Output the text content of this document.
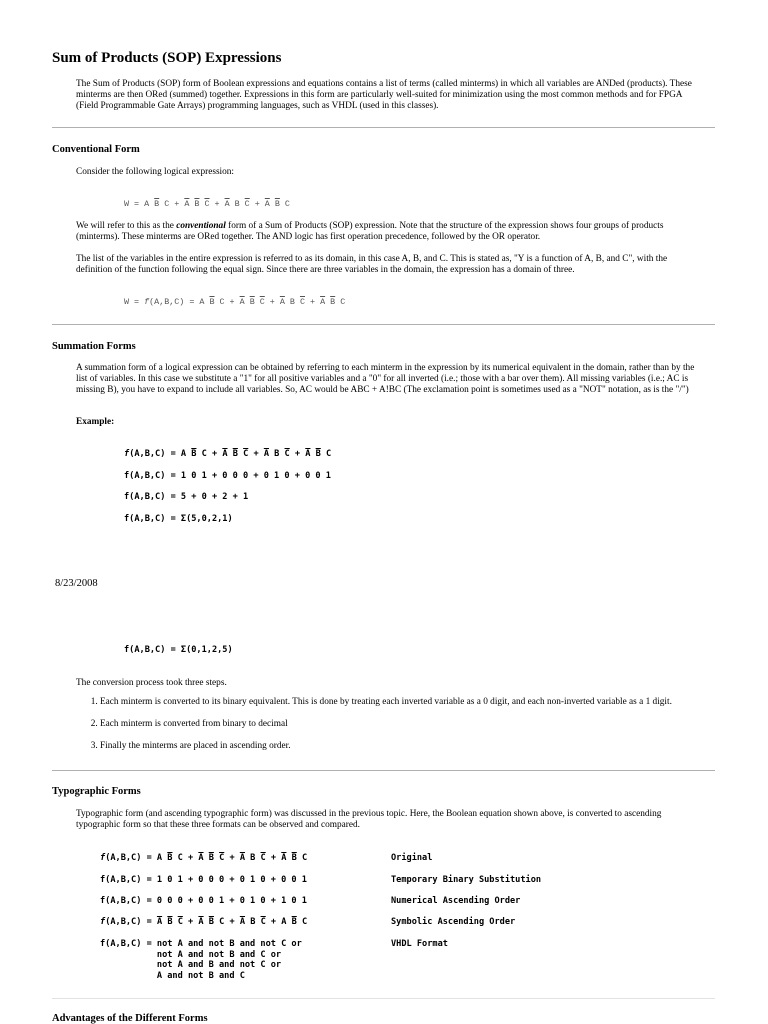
Sum of Products (SOP) Expressions

The Sum of Products (SOP) form of Boolean expressions and equations contains a list of terms (called minterms) in which all variables are ANDed (products). These minterms are then ORed (summed) together. Expressions in this form are particularly well-suited for minimization using the most common methods and for FPGA (Field Programmable Gate Arrays) programming languages, such as VHDL (used in this classes).

Conventional Form

Consider the following logical expression:

W = A $\overline{B}$ $C + \overline{A}$ $\overline{B}$ $\overline{C} + \overline{A}$ B $\overline{C} + \overline{A}$ $\overline{B}$ C

We will refer to this as the conventional form of a Sum of Products (SOP) expression. Note that the structure of the expression shows four groups of products (minterms). These minterms are ORed together. The AND logic has first operation precedence, followed by the OR operator.

The list of the variables in the entire expression is referred to as its domain, in this case A, B, and C. This is stated as, "Y is a function of A, B, and C", with the definition of the function following the equal sign. Since there are three variables in the domain, the expression has a domain of three.

W = f(A,B,C) = A $\overline{B}$ $C + \overline{A}$ $\overline{B}$ $\overline{C} + \overline{A}$ B $\overline{C} + \overline{A}$ $\overline{B}$ C
Summation Forms

A summation form of a logical expression can be obtained by referring to each minterm in the expression by its numerical equivalent in the domain, rather than by the list of variables. In this case we substitute a "1" for all positive variables and a "0" for all inverted (i.e.; those with a bar over them). All missing variables (i.e.; AC is missing B), you have to expand to include all variables. So, AC would be ABC + A!BC (The exclamation point is sometimes used as a "NOT" notation, as is the "/")

Example:

f(A,B,C) = A $\overline{B}$ $C + \overline{A}$ $\overline{B}$ $\overline{C} + \overline{A}$ B $\overline{C} + \overline{A}$ $\overline{B}$ C
f(A,B,C) = 1 0 1 + 0 0 0 + 0 1 0 + 0 0 1
f(A,B,C) = 5 + 0 + 2 + 1
f(A,B,C) = Σ(5,0,2,1)
8/23/2008
f(A,B,C) = Σ(0,1,2,5)

The conversion process took three steps.

1. Each minterm is converted to its binary equivalent. This is done by treating each inverted variable as a 0 digit, and each non-inverted variable as a 1 digit.
2. Each minterm is converted from binary to decimal
3. Finally the minterms are placed in ascending order.
Typographic Forms

Typographic form (and ascending typographic form) was discussed in the previous topic. Here, the Boolean equation shown above, is converted to ascending typographic form so that these three formats can be observed and compared.

f(A,B,C) = A $\overline{B}$ $C + \overline{A}$ $\overline{B}$ $\overline{C} + \overline{A}$ B $\overline{C} + \overline{A}$ $\overline{B}$ C
f(A,B,C) = 1 0 1 + 0 0 0 + 0 1 0 + 0 0 1
f(A,B,C) = 0 0 0 + 0 0 1 + 0 1 0 + 1 0 1
$f(A,B,C) = \overline{A}$ $\overline{B}$ $\overline{C} + \overline{A}$ $\overline{B}$ $C + \overline{A}$ B $\overline{C} + A$ $\overline{B}$ C
f(A,B,C) = not A and not B and not C or
not A and not B and C or
not A and B and not C or
A and not B and C
Original
Temporary Binary Substitution
Numerical Ascending Order
Symbolic Ascending Order
VHDL Format
Advantages of the Different Forms
